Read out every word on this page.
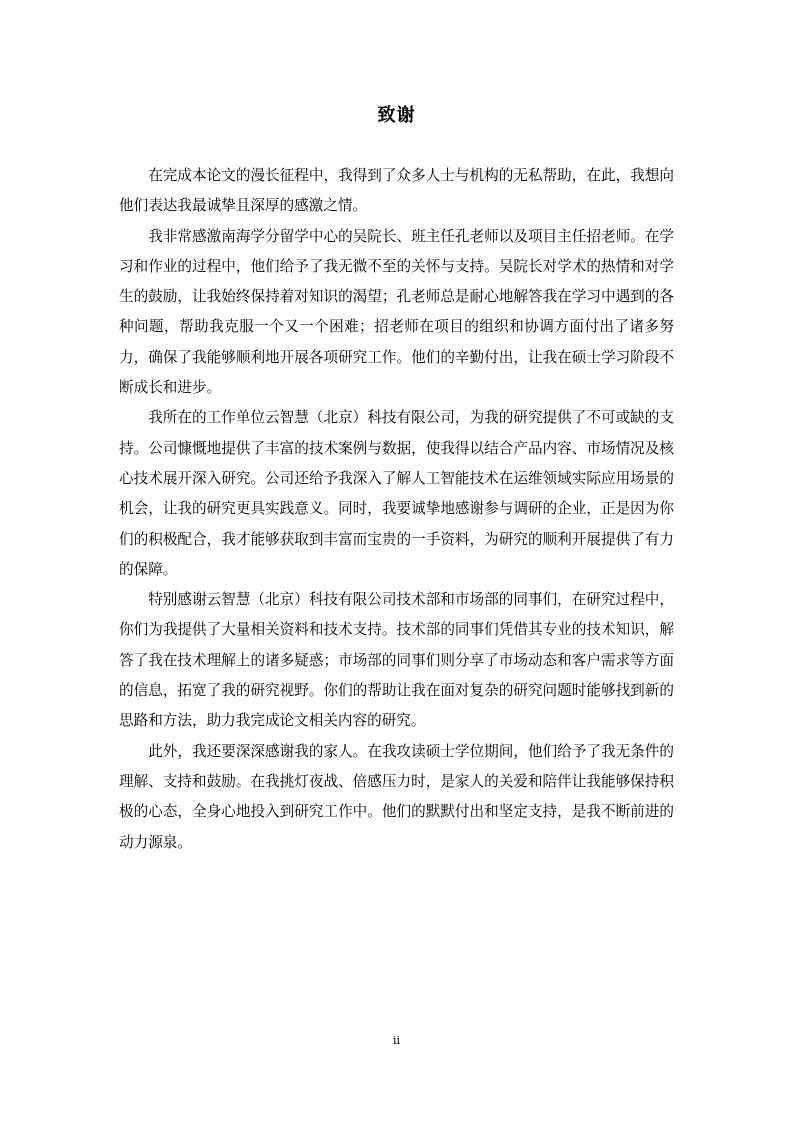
致谢

在完成本论文的漫长征程中，我得到了众多人士与机构的无私帮助，在此，我想向他们表达我最诚挚且深厚的感激之情。

我非常感激南海学分留学中心的吴院长、班主任孔老师以及项目主任招老师。在学习和作业的过程中，他们给予了我无微不至的关怀与支持。吴院长对学术的热情和对学生的鼓励，让我始终保持着对知识的渴望；孔老师总是耐心地解答我在学习中遇到的各种问题，帮助我克服一个又一个困难；招老师在项目的组织和协调方面付出了诸多努力，确保了我能够顺利地开展各项研究工作。他们的辛勤付出，让我在硕士学习阶段不断成长和进步。

我所在的工作单位云智慧（北京）科技有限公司，为我的研究提供了不可或缺的支持。公司慷慨地提供了丰富的技术案例与数据，使我得以结合产品内容、市场情况及核心技术展开深入研究。公司还给予我深入了解人工智能技术在运维领域实际应用场景的机会，让我的研究更具实践意义。同时，我要诚挚地感谢参与调研的企业，正是因为你们的积极配合，我才能够获取到丰富而宝贵的一手资料，为研究的顺利开展提供了有力的保障。

特别感谢云智慧（北京）科技有限公司技术部和市场部的同事们，在研究过程中，你们为我提供了大量相关资料和技术支持。技术部的同事们凭借其专业的技术知识，解答了我在技术理解上的诸多疑惑；市场部的同事们则分享了市场动态和客户需求等方面的信息，拓宽了我的研究视野。你们的帮助让我在面对复杂的研究问题时能够找到新的思路和方法，助力我完成论文相关内容的研究。

此外，我还要深深感谢我的家人。在我攻读硕士学位期间，他们给予了我无条件的理解、支持和鼓励。在我挑灯夜战、倍感压力时，是家人的关爱和陪伴让我能够保持积极的心态，全身心地投入到研究工作中。他们的默默付出和坚定支持，是我不断前进的动力源泉。

ii
